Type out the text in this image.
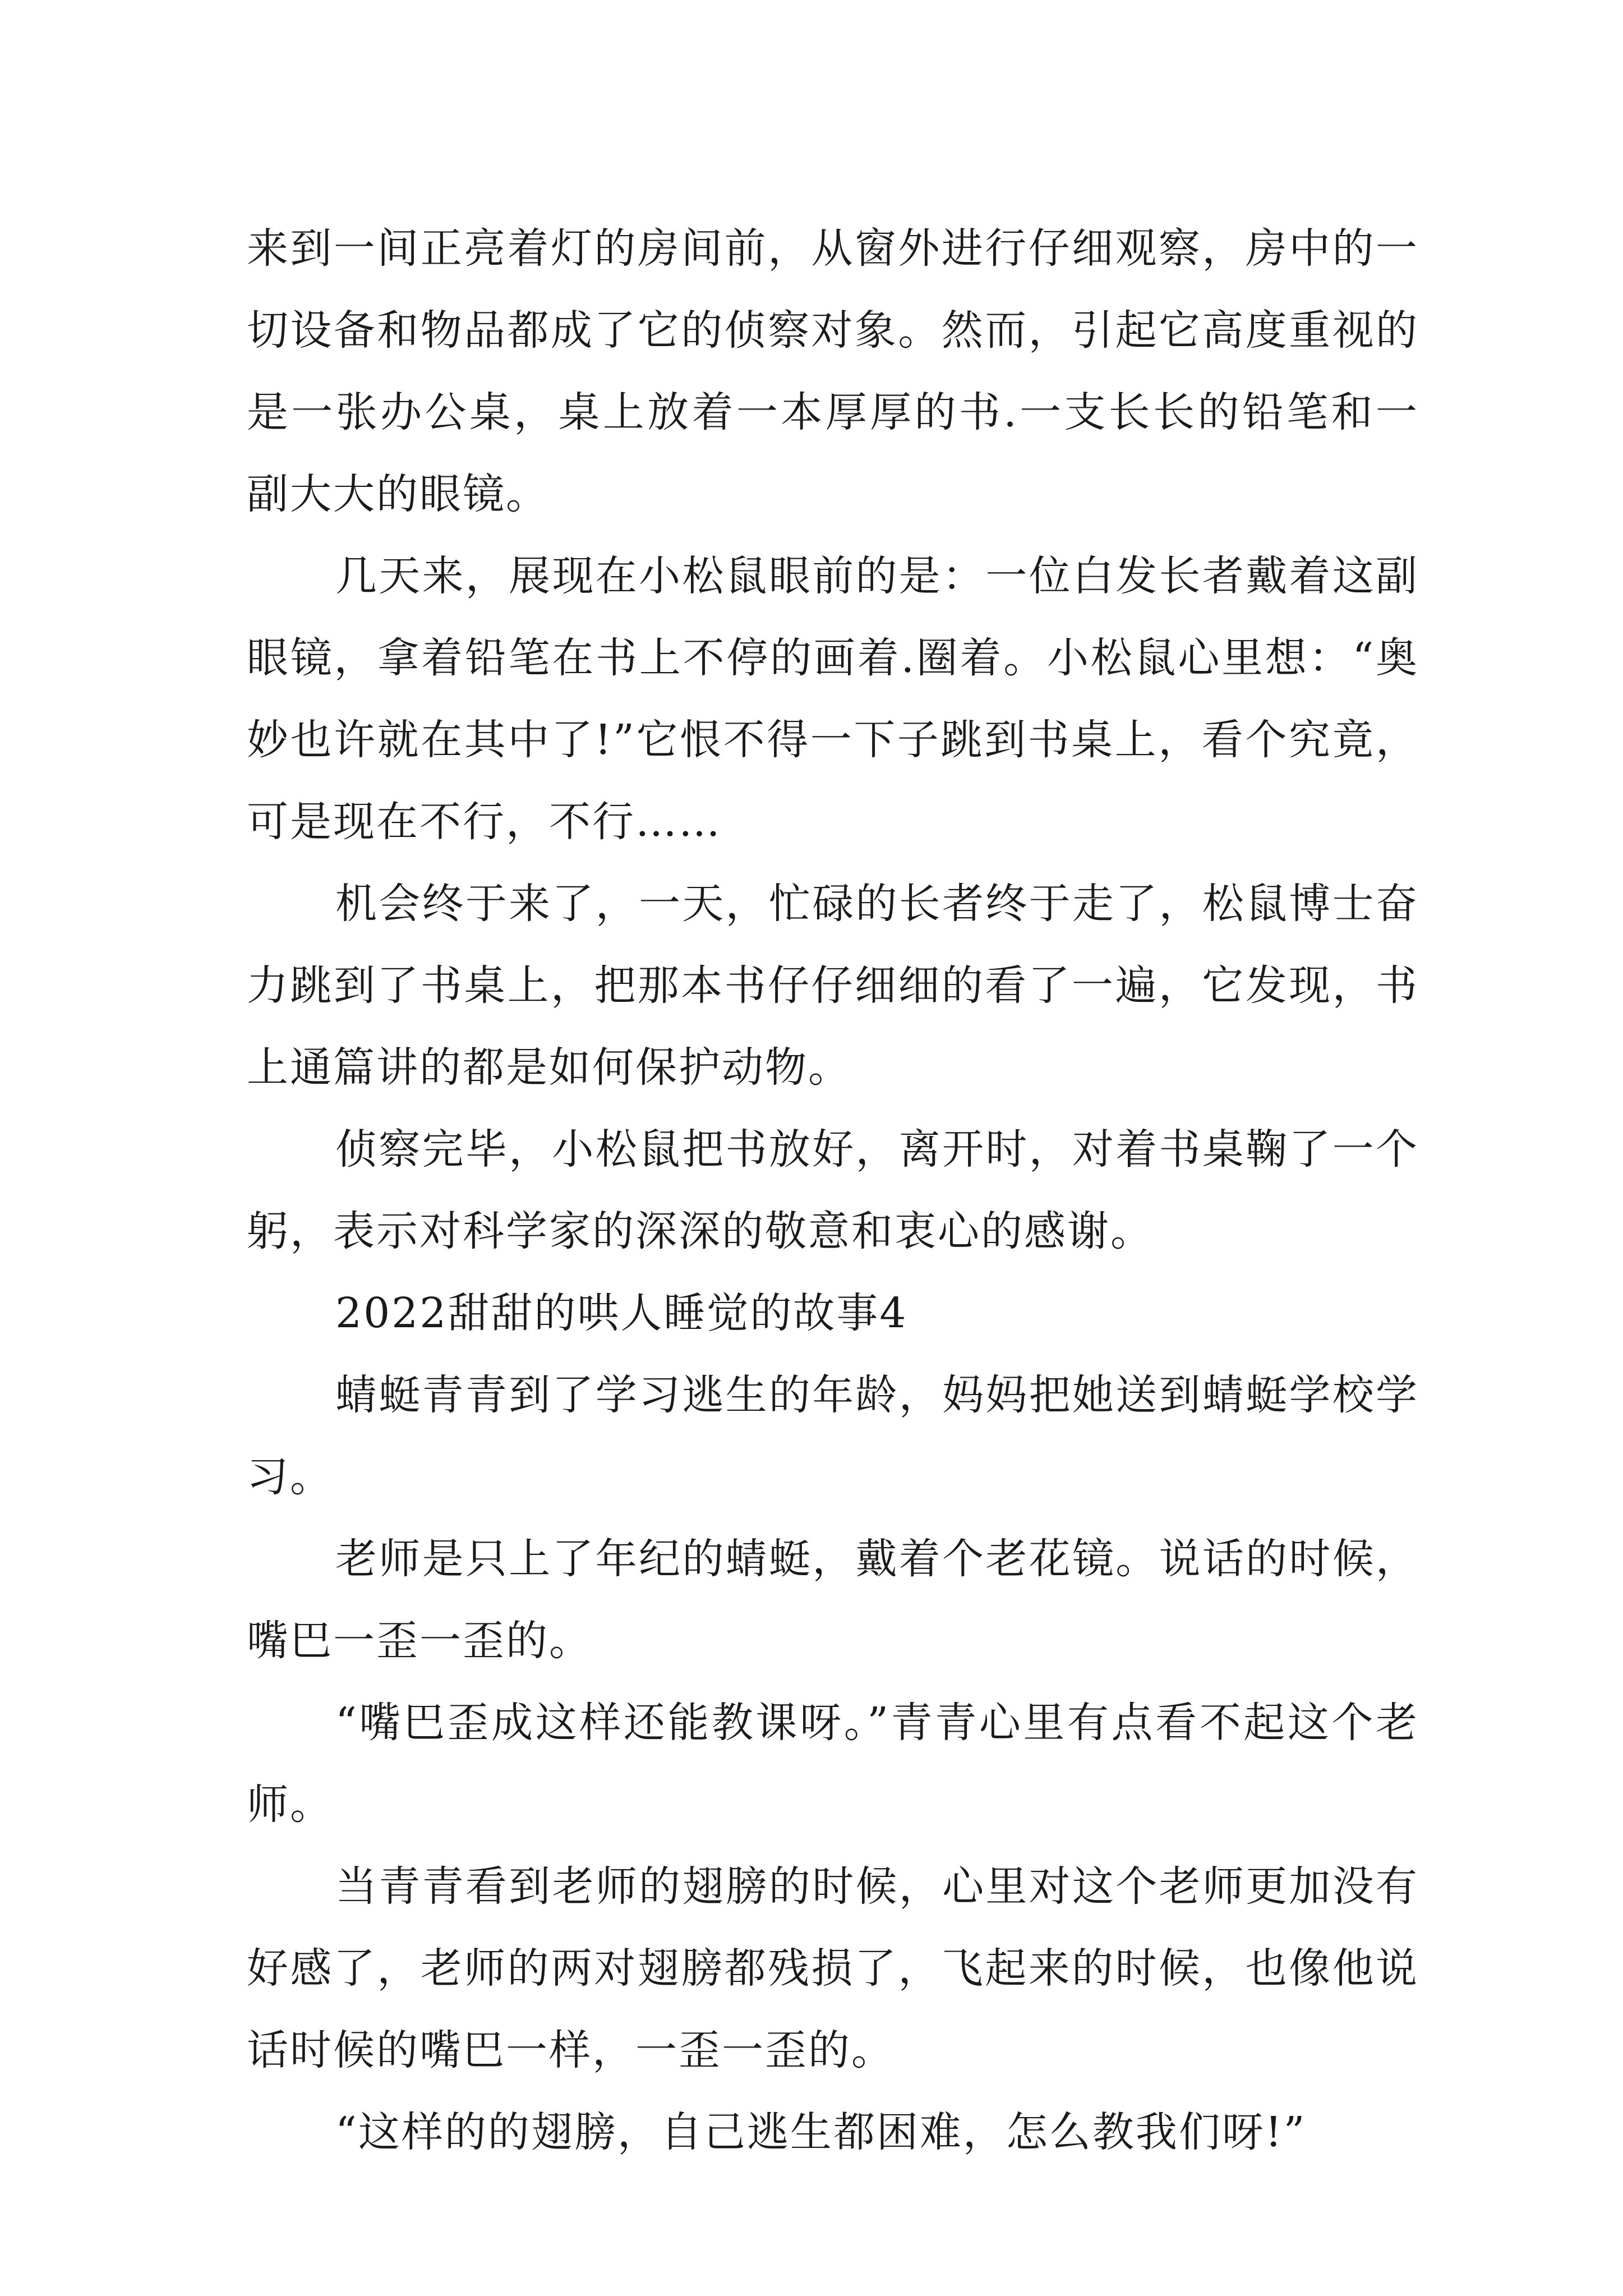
来到一间正亮着灯的房间前，从窗外进行仔细观察，房中的一切设备和物品都成了它的侦察对象。然而，引起它高度重视的是一张办公桌，桌上放着一本厚厚的书.一支长长的铅笔和一副大大的眼镜。

几天来，展现在小松鼠眼前的是：一位白发长者戴着这副眼镜，拿着铅笔在书上不停的画着.圈着。小松鼠心里想：“奥妙也许就在其中了!”它恨不得一下子跳到书桌上，看个究竟，可是现在不行，不行……

机会终于来了，一天，忙碌的长者终于走了，松鼠博士奋力跳到了书桌上，把那本书仔仔细细的看了一遍，它发现，书上通篇讲的都是如何保护动物。

侦察完毕，小松鼠把书放好，离开时，对着书桌鞠了一个躬，表示对科学家的深深的敬意和衷心的感谢。

2022甜甜的哄人睡觉的故事4

蜻蜓青青到了学习逃生的年龄，妈妈把她送到蜻蜓学校学习。

老师是只上了年纪的蜻蜓，戴着个老花镜。说话的时候，嘴巴一歪一歪的。

“嘴巴歪成这样还能教课呀。”青青心里有点看不起这个老师。

当青青看到老师的翅膀的时候，心里对这个老师更加没有好感了，老师的两对翅膀都残损了，飞起来的时候，也像他说话时候的嘴巴一样，一歪一歪的。

“这样的的翅膀，自己逃生都困难，怎么教我们呀!”
